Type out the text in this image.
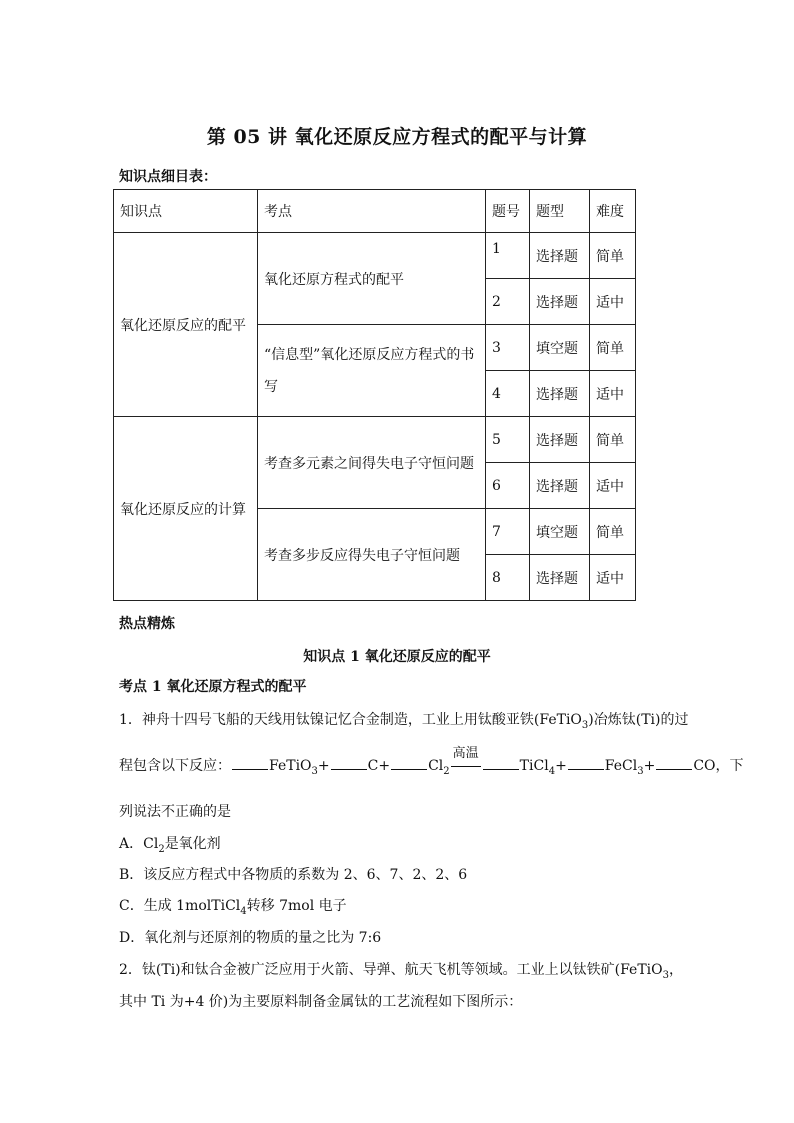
第 05 讲 氧化还原反应方程式的配平与计算
知识点细目表：
知识点	考点	题号	题型	难度
氧化还原反应的配平	氧化还原方程式的配平	1	选择题	简单
		2	选择题	适中
	“信息型”氧化还原反应方程式的书
写	3	填空题	简单
		4	选择题	适中
氧化还原反应的计算	考查多元素之间得失电子守恒问题	5	选择题	简单
		6	选择题	适中
	考查多步反应得失电子守恒问题	7	填空题	简单
		8	选择题	适中
热点精炼
知识点 1 氧化还原反应的配平
考点 1 氧化还原方程式的配平
1．神舟十四号飞船的天线用钛镍记忆合金制造，工业上用钛酸亚铁(FeTiO$_3$)冶炼钛(Ti)的过
程包含以下反应：	FeTiO$_3$+	C+	$Cl_2$
高温
TiCl$_4$+	FeCl$_3$+	CO，下
列说法不正确的是
A．$Cl_2$是氧化剂
B．该反应方程式中各物质的系数为 2、6、7、2、2、6
C．生成 1molTiCl$_4$转移 7mol 电子
D．氧化剂与还原剂的物质的量之比为 7:6
2．钛(Ti)和钛合金被广泛应用于火箭、导弹、航天飞机等领域。工业上以钛铁矿(FeTiO$_3$，
其中 Ti 为+4 价)为主要原料制备金属钛的工艺流程如下图所示：
